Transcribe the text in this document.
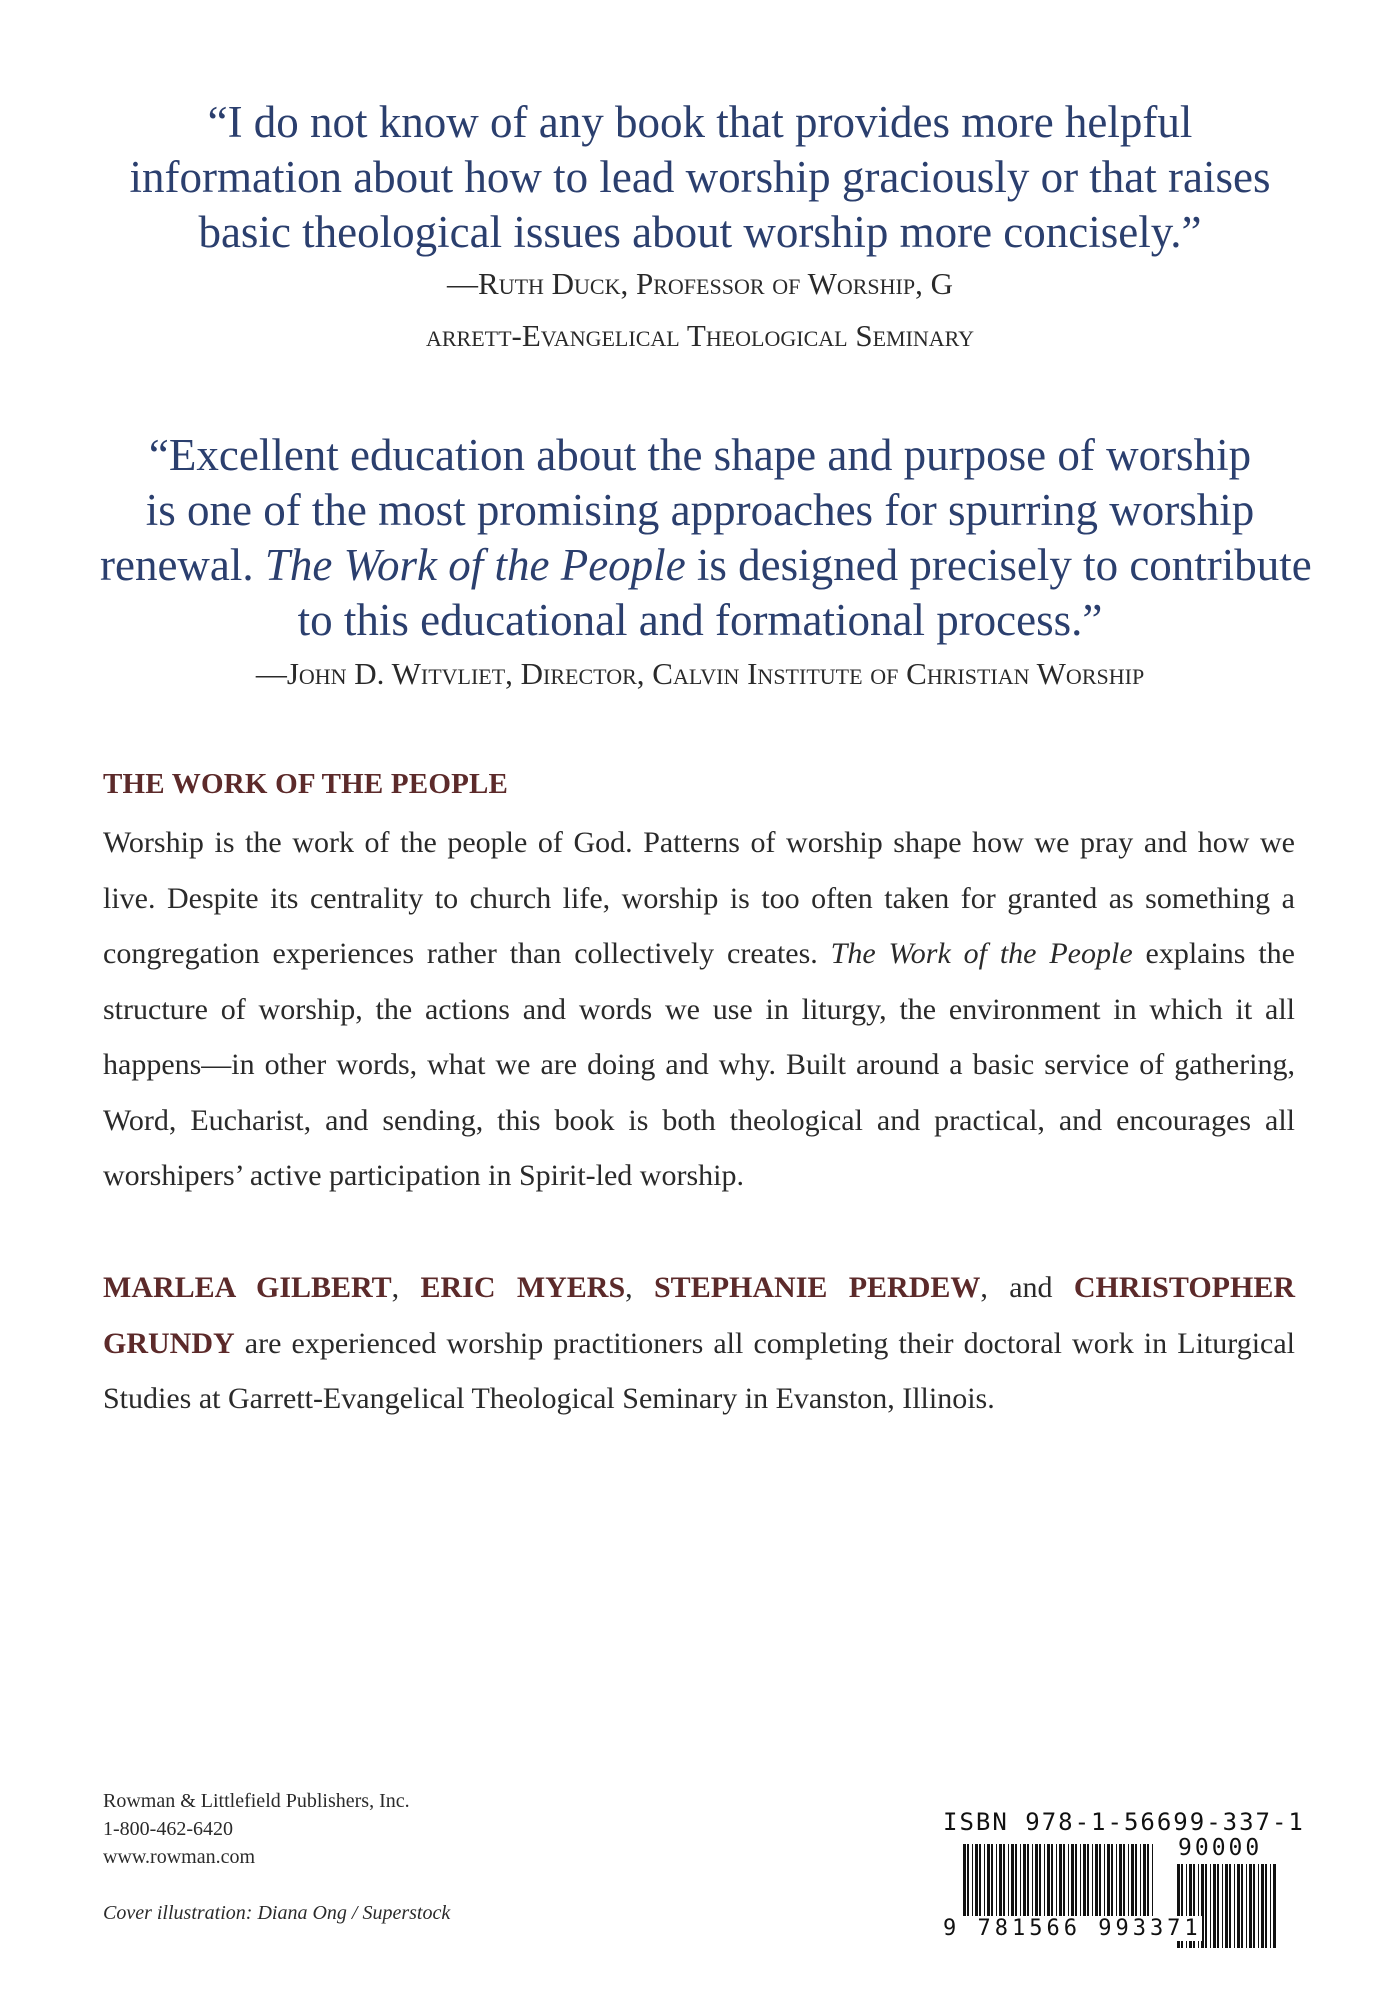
“I do not know of any book that provides more helpful
information about how to lead worship graciously or that raises
basic theological issues about worship more concisely.”
—Ruth Duck, Professor of Worship, G
arrett-Evangelical Theological Seminary
“Excellent education about the shape and purpose of worship
is one of the most promising approaches for spurring worship
renewal. The Work of the People is designed precisely to contribute
to this educational and formational process.”
—John D. Witvliet, Director, Calvin Institute of Christian Worship
THE WORK OF THE PEOPLE
Worship is the work of the people of God. Patterns of worship shape how we pray and how we live. Despite its centrality to church life, worship is too often taken for granted as something a congregation experiences rather than collectively creates. The Work of the People explains the structure of worship, the actions and words we use in liturgy, the environment in which it all happens—in other words, what we are doing and why. Built around a basic service of gathering, Word, Eucharist, and sending, this book is both theological and practical, and encourages all worshipers’ active participation in Spirit-led worship.
MARLEA GILBERT, ERIC MYERS, STEPHANIE PERDEW, and CHRISTOPHER GRUNDY are experienced worship practitioners all completing their doctoral work in Liturgical Studies at Garrett-Evangelical Theological Seminary in Evanston, Illinois.
Rowman & Littlefield Publishers, Inc.
1-800-462-6420
www.rowman.com
Cover illustration: Diana Ong / Superstock
ISBN 978-1-56699-337-1
90000
9 781566 993371
